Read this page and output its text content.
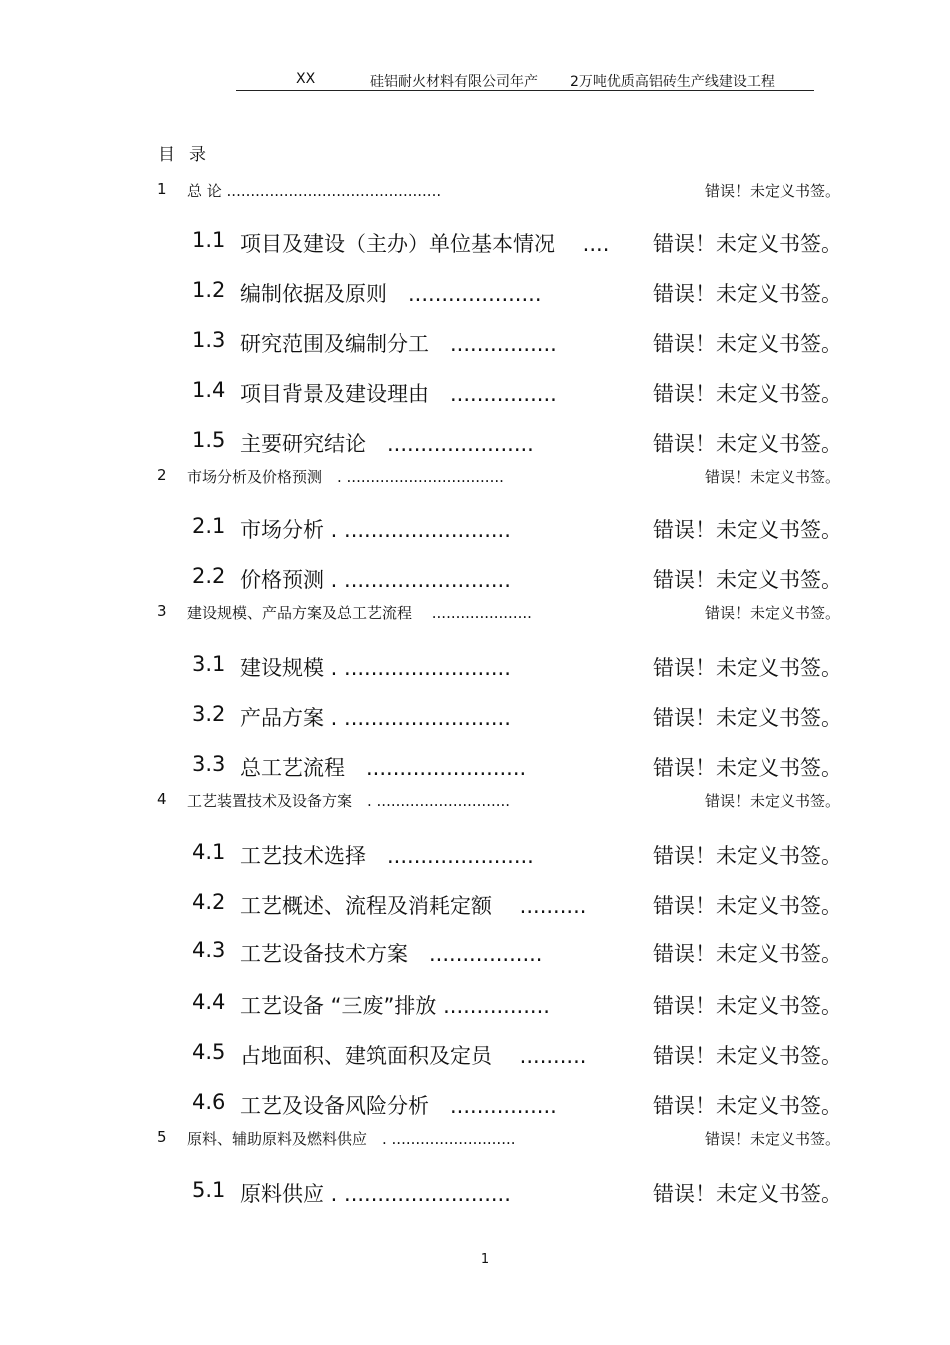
XX	硅铝耐火材料有限公司年产 2万吨优质高铝砖生产线建设工程
目录
1 总 论 .............................................	错误！未定义书签。
1.1 项目及建设（主办）单位基本情况　 .... 错误！未定义书签。
1.2 编制依据及原则　....................	错误！未定义书签。
1.3 研究范围及编制分工　................	错误！未定义书签。
1.4 项目背景及建设理由　................	错误！未定义书签。
1.5 主要研究结论　......................	错误！未定义书签。
2 市场分析及价格预测　. .................................	错误！未定义书签。
2.1 市场分析 . .........................	错误！未定义书签。
2.2 价格预测 . .........................	错误！未定义书签。
3 建设规模、产品方案及总工艺流程　 .....................	错误！未定义书签。
3.1 建设规模 . .........................	错误！未定义书签。
3.2 产品方案 . .........................	错误！未定义书签。
3.3 总工艺流程　........................	错误！未定义书签。
4 工艺装置技术及设备方案　. ............................	错误！未定义书签。
4.1 工艺技术选择　......................	错误！未定义书签。
4.2 工艺概述、流程及消耗定额　 ..........	错误！未定义书签。
4.3 工艺设备技术方案　.................	错误！未定义书签。
4.4 工艺设备 “三废”排放 ................	错误！未定义书签。
4.5 占地面积、建筑面积及定员　 ..........	错误！未定义书签。
4.6 工艺及设备风险分析　................	错误！未定义书签。
5 原料、辅助原料及燃料供应　. ..........................	错误！未定义书签。
5.1 原料供应 . .........................	错误！未定义书签。
1
